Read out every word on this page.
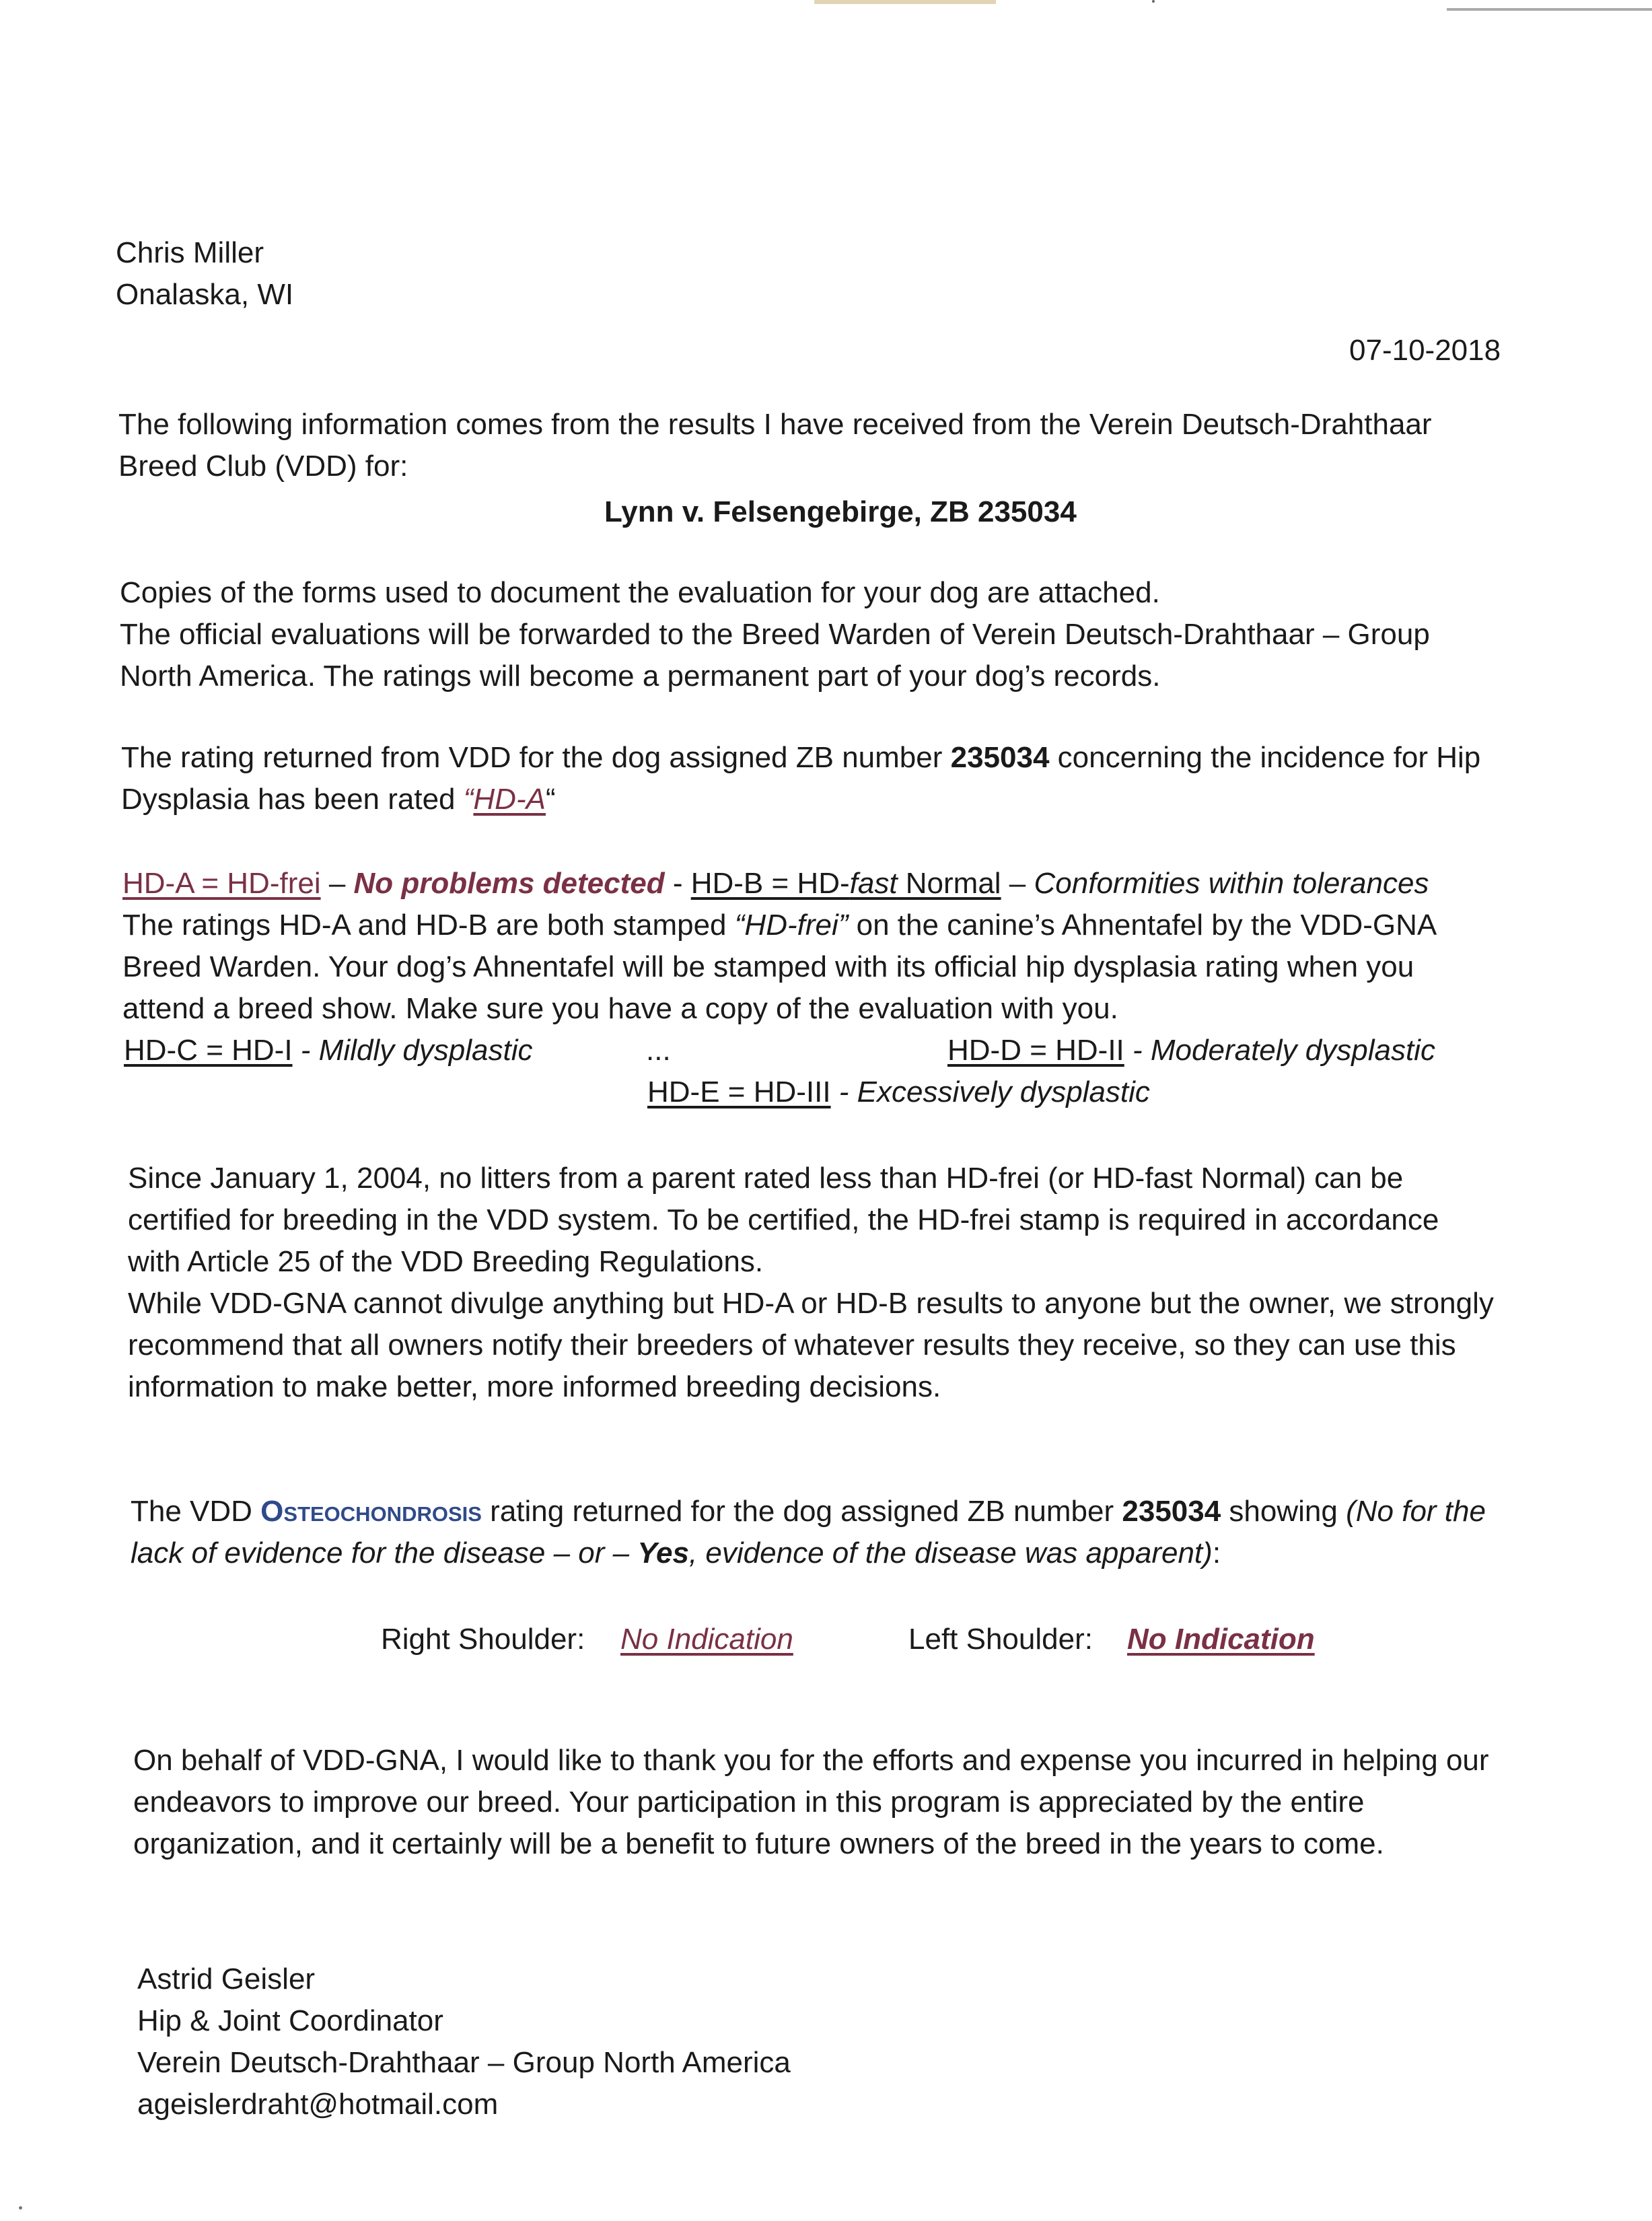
Chris Miller
Onalaska, WI
07-10-2018
The following information comes from the results I have received from the Verein Deutsch-Drahthaar
Breed Club (VDD) for:
Lynn v. Felsengebirge, ZB 235034
Copies of the forms used to document the evaluation for your dog are attached.
The official evaluations will be forwarded to the Breed Warden of Verein Deutsch-Drahthaar – Group
North America. The ratings will become a permanent part of your dog’s records.
The rating returned from VDD for the dog assigned ZB number 235034 concerning the incidence for Hip
Dysplasia has been rated “HD-A“
HD-A = HD-frei – No problems detected - HD-B = HD-fast Normal – Conformities within tolerances
The ratings HD-A and HD-B are both stamped “HD-frei” on the canine’s Ahnentafel by the VDD-GNA
Breed Warden. Your dog’s Ahnentafel will be stamped with its official hip dysplasia rating when you
attend a breed show. Make sure you have a copy of the evaluation with you.
HD-C = HD-I - Mildly dysplastic	...	HD-D = HD-II - Moderately dysplastic
HD-E = HD-III - Excessively dysplastic
Since January 1, 2004, no litters from a parent rated less than HD-frei (or HD-fast Normal) can be
certified for breeding in the VDD system. To be certified, the HD-frei stamp is required in accordance
with Article 25 of the VDD Breeding Regulations.
While VDD-GNA cannot divulge anything but HD-A or HD-B results to anyone but the owner, we strongly
recommend that all owners notify their breeders of whatever results they receive, so they can use this
information to make better, more informed breeding decisions.
The VDD Osteochondrosis rating returned for the dog assigned ZB number 235034 showing (No for the
lack of evidence for the disease – or – Yes, evidence of the disease was apparent):
Right Shoulder: No Indication	Left Shoulder: No Indication
On behalf of VDD-GNA, I would like to thank you for the efforts and expense you incurred in helping our
endeavors to improve our breed. Your participation in this program is appreciated by the entire
organization, and it certainly will be a benefit to future owners of the breed in the years to come.
Astrid Geisler
Hip & Joint Coordinator
Verein Deutsch-Drahthaar – Group North America
ageislerdraht@hotmail.com
